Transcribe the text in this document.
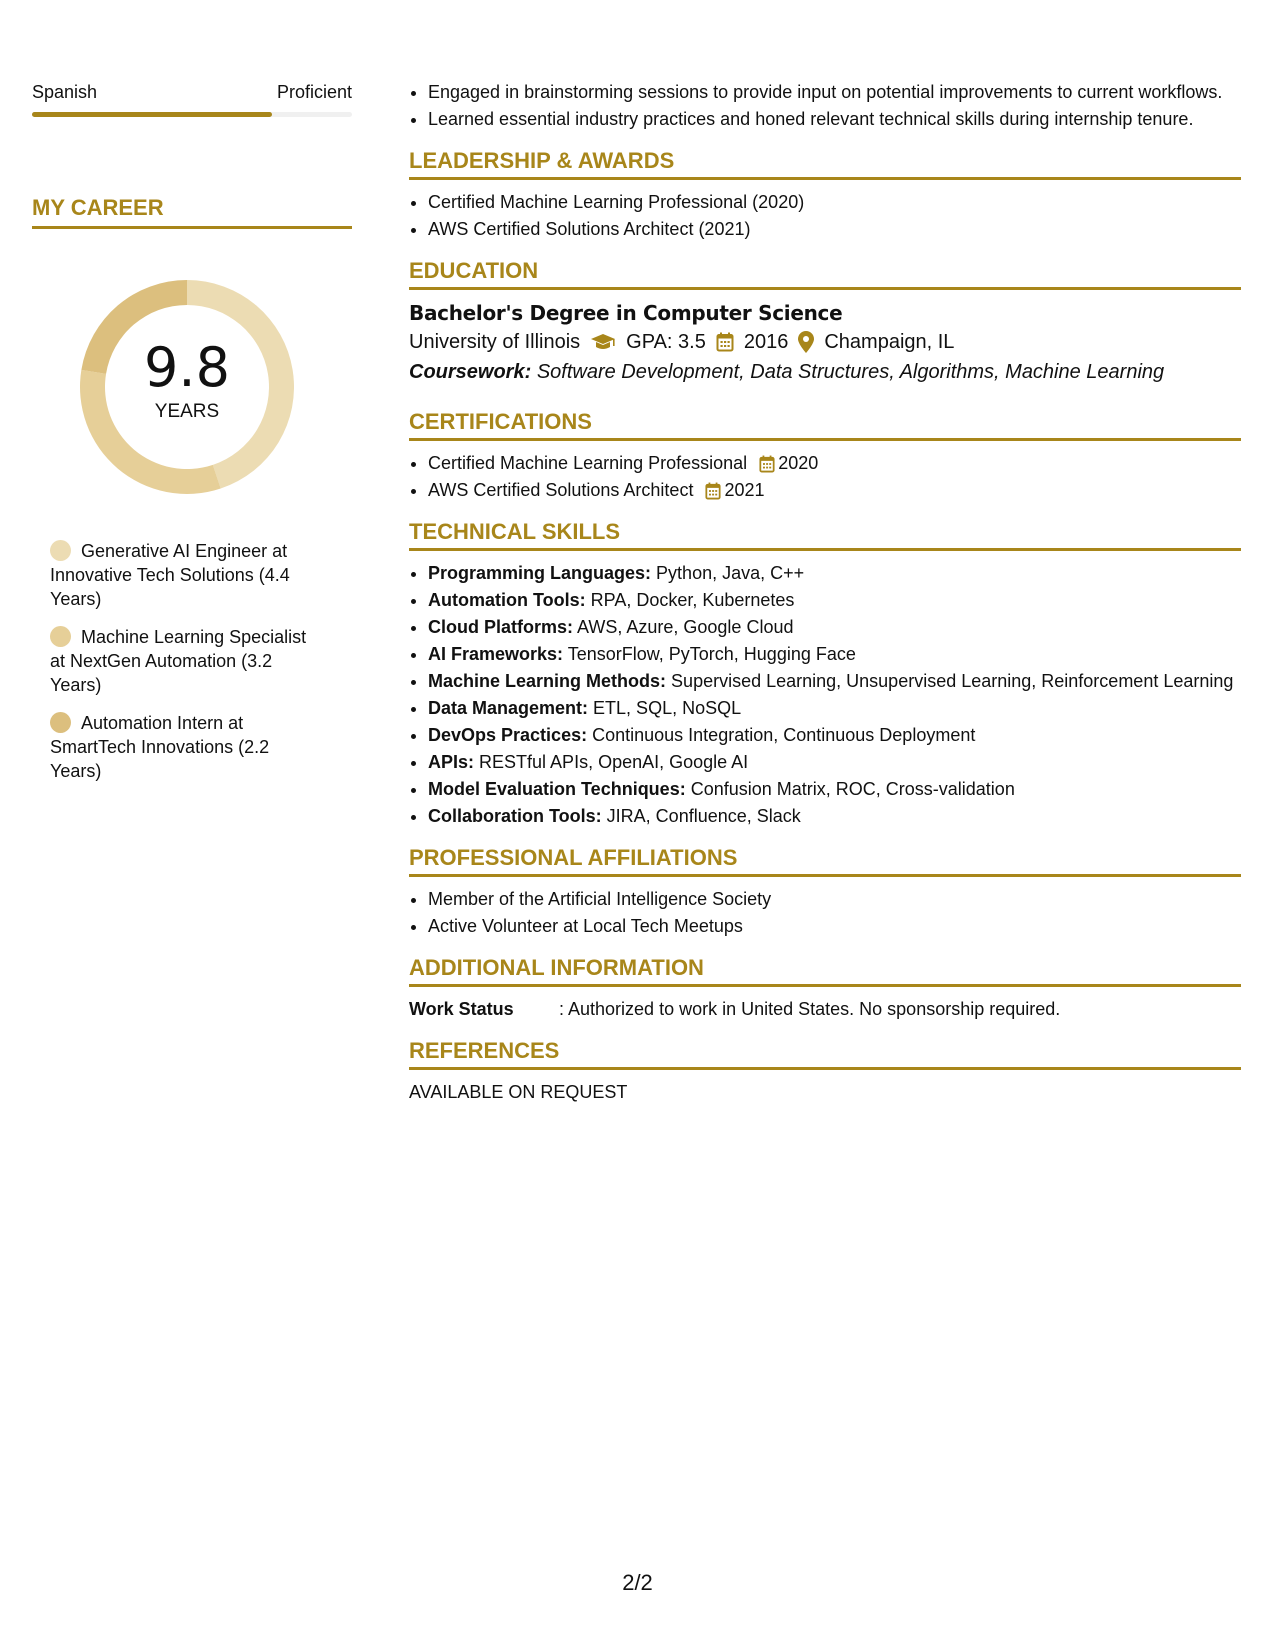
Spanish	Proficient
MY CAREER
9.8
YEARS
Generative AI Engineer at Innovative Tech Solutions (4.4 Years)
Machine Learning Specialist at NextGen Automation (3.2 Years)
Automation Intern at SmartTech Innovations (2.2 Years)
• Engaged in brainstorming sessions to provide input on potential improvements to current workflows.
• Learned essential industry practices and honed relevant technical skills during internship tenure.
LEADERSHIP & AWARDS
• Certified Machine Learning Professional (2020)
• AWS Certified Solutions Architect (2021)
EDUCATION
Bachelor's Degree in Computer Science
University of Illinois GPA: 3.5 2016 Champaign, IL
Coursework: Software Development, Data Structures, Algorithms, Machine Learning
CERTIFICATIONS
• Certified Machine Learning Professional 2020
• AWS Certified Solutions Architect 2021
TECHNICAL SKILLS
• Programming Languages: Python, Java, C++
• Automation Tools: RPA, Docker, Kubernetes
• Cloud Platforms: AWS, Azure, Google Cloud
• AI Frameworks: TensorFlow, PyTorch, Hugging Face
• Machine Learning Methods: Supervised Learning, Unsupervised Learning, Reinforcement Learning
• Data Management: ETL, SQL, NoSQL
• DevOps Practices: Continuous Integration, Continuous Deployment
• APIs: RESTful APIs, OpenAI, Google AI
• Model Evaluation Techniques: Confusion Matrix, ROC, Cross-validation
• Collaboration Tools: JIRA, Confluence, Slack
PROFESSIONAL AFFILIATIONS
• Member of the Artificial Intelligence Society
• Active Volunteer at Local Tech Meetups
ADDITIONAL INFORMATION
Work Status	: Authorized to work in United States. No sponsorship required.
REFERENCES
AVAILABLE ON REQUEST
2/2
